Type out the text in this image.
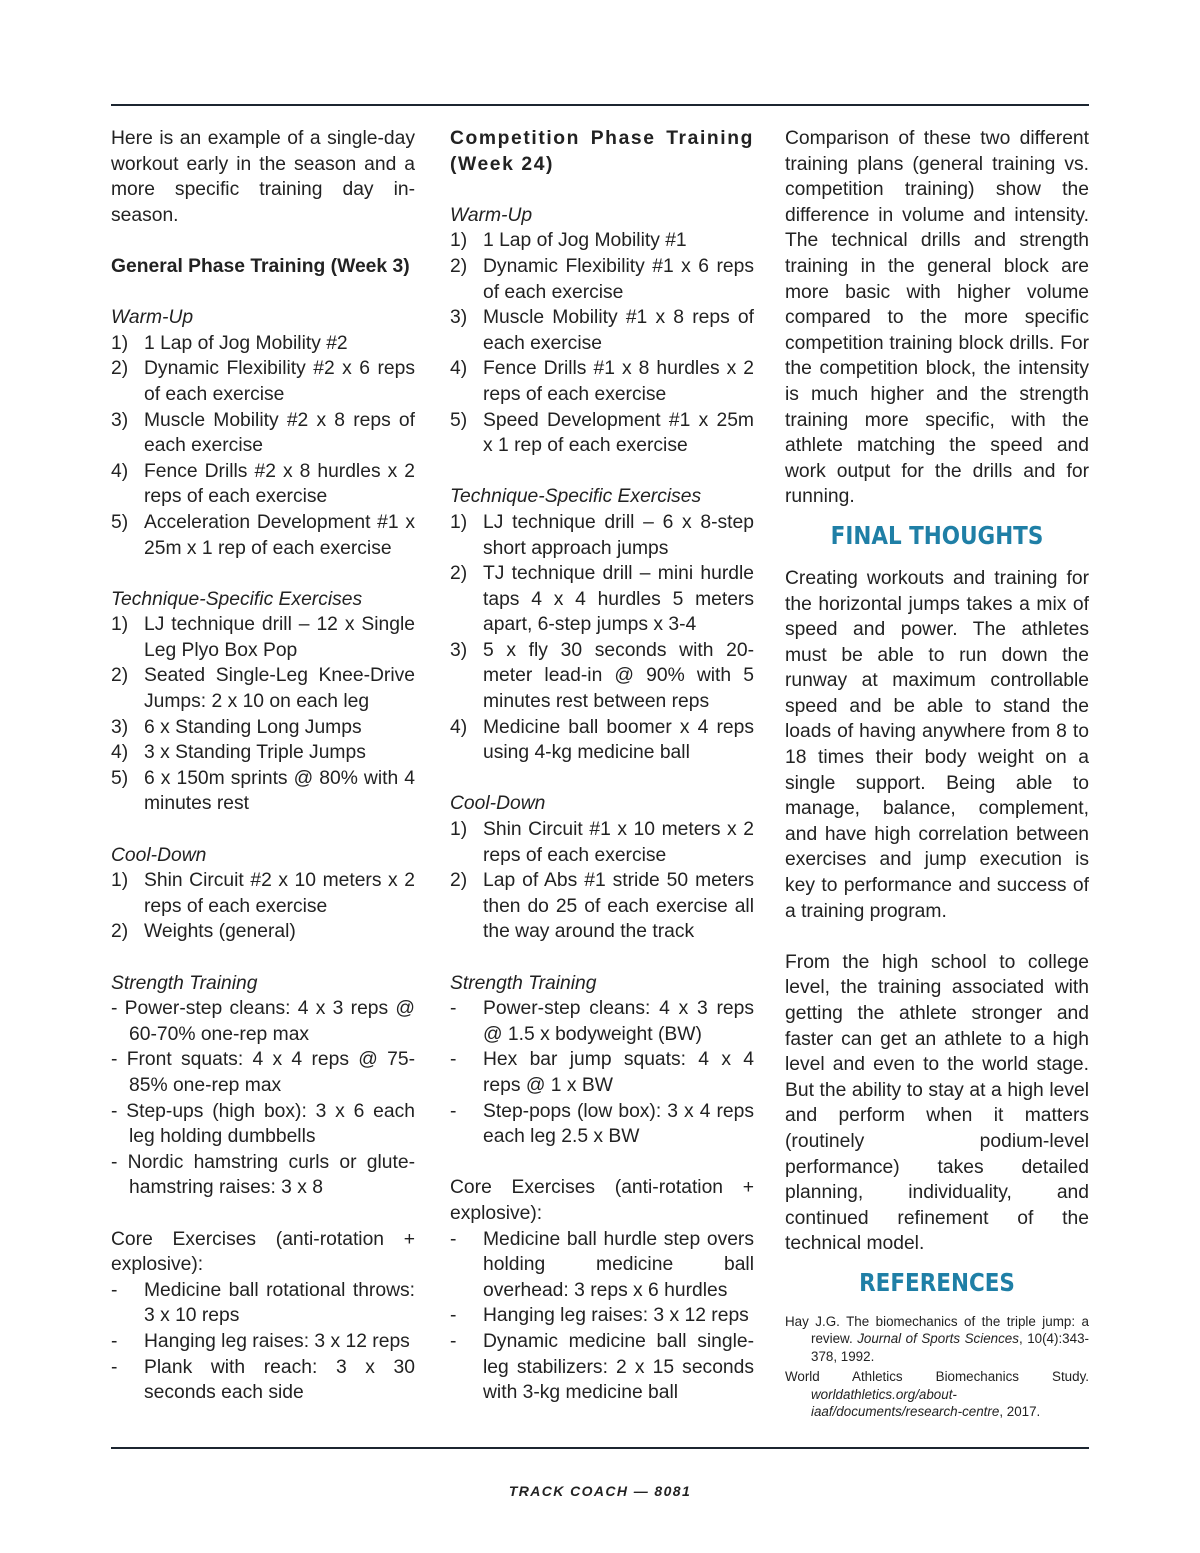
Here is an example of a single-day workout early in the season and a more specific training day in-season.

General Phase Training (Week 3)

Warm-Up

1) 1 Lap of Jog Mobility #2
2) Dynamic Flexibility #2 x 6 reps of each exercise
3) Muscle Mobility #2 x 8 reps of each exercise
4) Fence Drills #2 x 8 hurdles x 2 reps of each exercise
5) Acceleration Development #1 x 25m x 1 rep of each exercise

Technique-Specific Exercises

1) LJ technique drill – 12 x Single Leg Plyo Box Pop
2) Seated Single-Leg Knee-Drive Jumps: 2 x 10 on each leg
3) 6 x Standing Long Jumps
4) 3 x Standing Triple Jumps
5) 6 x 150m sprints @ 80% with 4 minutes rest

Cool-Down

1) Shin Circuit #2 x 10 meters x 2 reps of each exercise
2) Weights (general)

Strength Training

- Power-step cleans: 4 x 3 reps @ 60-70% one-rep max

- Front squats: 4 x 4 reps @ 75-85% one-rep max

- Step-ups (high box): 3 x 6 each leg holding dumbbells

- Nordic hamstring curls or glute-hamstring raises: 3 x 8

Core Exercises (anti-rotation + explosive):

- Medicine ball rotational throws: 3 x 10 reps
- Hanging leg raises: 3 x 12 reps
- Plank with reach: 3 x 30 seconds each side

Competition Phase Training (Week 24)

Warm-Up

1) 1 Lap of Jog Mobility #1
2) Dynamic Flexibility #1 x 6 reps of each exercise
3) Muscle Mobility #1 x 8 reps of each exercise
4) Fence Drills #1 x 8 hurdles x 2 reps of each exercise
5) Speed Development #1 x 25m x 1 rep of each exercise

Technique-Specific Exercises

1) LJ technique drill – 6 x 8-step short approach jumps
2) TJ technique drill – mini hurdle taps 4 x 4 hurdles 5 meters apart, 6-step jumps x 3-4
3) 5 x fly 30 seconds with 20-meter lead-in @ 90% with 5 minutes rest between reps
4) Medicine ball boomer x 4 reps using 4-kg medicine ball

Cool-Down

1) Shin Circuit #1 x 10 meters x 2 reps of each exercise
2) Lap of Abs #1 stride 50 meters then do 25 of each exercise all the way around the track

Strength Training

- Power-step cleans: 4 x 3 reps @ 1.5 x bodyweight (BW)
- Hex bar jump squats: 4 x 4 reps @ 1 x BW
- Step-pops (low box): 3 x 4 reps each leg 2.5 x BW

Core Exercises (anti-rotation + explosive):

- Medicine ball hurdle step overs holding medicine ball overhead: 3 reps x 6 hurdles
- Hanging leg raises: 3 x 12 reps
- Dynamic medicine ball single-leg stabilizers: 2 x 15 seconds with 3-kg medicine ball

Comparison of these two different training plans (general training vs. competition training) show the difference in volume and intensity. The technical drills and strength training in the general block are more basic with higher volume compared to the more specific competition training block drills. For the competition block, the intensity is much higher and the strength training more specific, with the athlete matching the speed and work output for the drills and for running.

FINAL THOUGHTS

Creating workouts and training for the horizontal jumps takes a mix of speed and power. The athletes must be able to run down the runway at maximum controllable speed and be able to stand the loads of having anywhere from 8 to 18 times their body weight on a single support. Being able to manage, balance, complement, and have high correlation between exercises and jump execution is key to performance and success of a training program.

From the high school to college level, the training associated with getting the athlete stronger and faster can get an athlete to a high level and even to the world stage. But the ability to stay at a high level and perform when it matters (routinely podium-level performance) takes detailed planning, individuality, and continued refinement of the technical model.

REFERENCES

Hay J.G. The biomechanics of the triple jump: a review. Journal of Sports Sciences, 10(4):343-378, 1992.

World Athletics Biomechanics Study. worldathletics.org/about-iaaf/documents/research-centre, 2017.

TRACK COACH — 8081
